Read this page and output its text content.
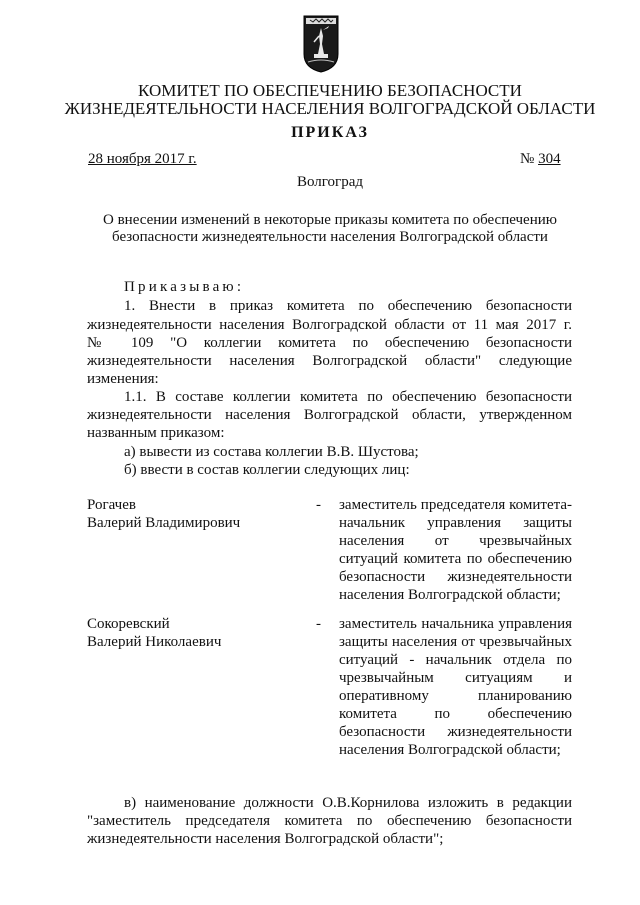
КОМИТЕТ ПО ОБЕСПЕЧЕНИЮ БЕЗОПАСНОСТИ
ЖИЗНЕДЕЯТЕЛЬНОСТИ НАСЕЛЕНИЯ ВОЛГОГРАДСКОЙ ОБЛАСТИ
ПРИКАЗ
28 ноября 2017 г.	№ 304
Волгоград
О внесении изменений в некоторые приказы комитета по обеспечению
безопасности жизнедеятельности населения Волгоградской области
Приказываю:
1. Внести в приказ комитета по обеспечению безопасности
жизнедеятельности населения Волгоградской области от 11 мая 2017 г.
№ 109 "О коллегии комитета по обеспечению безопасности
жизнедеятельности населения Волгоградской области" следующие
изменения:
1.1. В составе коллегии комитета по обеспечению безопасности
жизнедеятельности населения Волгоградской области, утвержденном
названным приказом:
а) вывести из состава коллегии В.В. Шустова;
б) ввести в состав коллегии следующих лиц:
Рогачев
Валерий Владимирович
- заместитель председателя комитета-
начальник управления защиты
населения от чрезвычайных
ситуаций комитета по обеспечению
безопасности жизнедеятельности
населения Волгоградской области;
Сокоревский
Валерий Николаевич
- заместитель начальника управления
защиты населения от чрезвычайных
ситуаций - начальник отдела по
чрезвычайным ситуациям и
оперативному планированию
комитета по обеспечению
безопасности жизнедеятельности
населения Волгоградской области;
в) наименование должности О.В.Корнилова изложить в редакции
"заместитель председателя комитета по обеспечению безопасности
жизнедеятельности населения Волгоградской области";
